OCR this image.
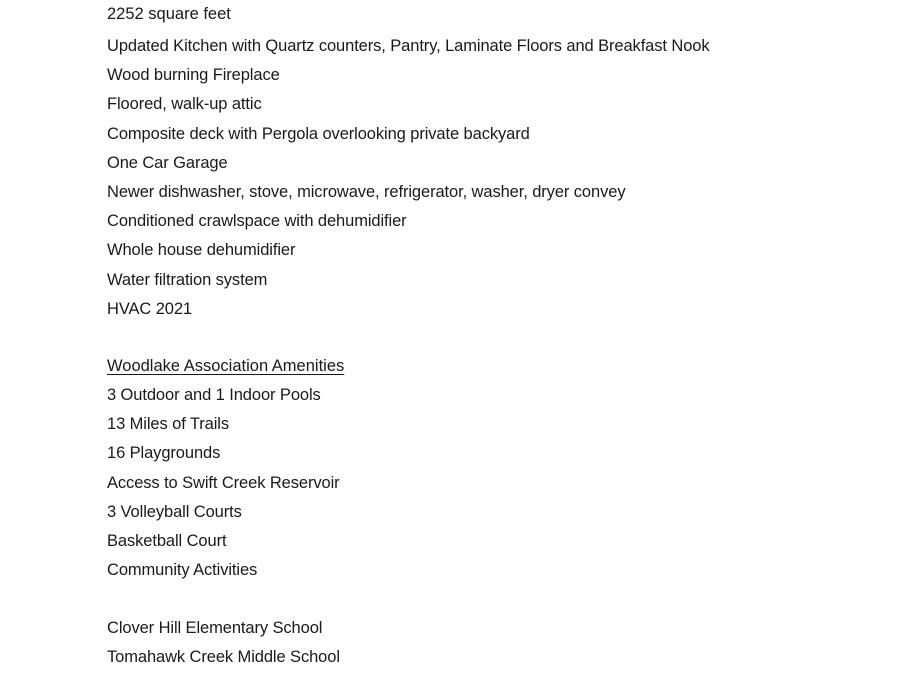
2252 square feet
Updated Kitchen with Quartz counters, Pantry, Laminate Floors and Breakfast Nook
Wood burning Fireplace
Floored, walk-up attic
Composite deck with Pergola overlooking private backyard
One Car Garage
Newer dishwasher, stove, microwave, refrigerator, washer, dryer convey
Conditioned crawlspace with dehumidifier
Whole house dehumidifier
Water filtration system
HVAC 2021
Woodlake Association Amenities
3 Outdoor and 1 Indoor Pools
13 Miles of Trails
16 Playgrounds
Access to Swift Creek Reservoir
3 Volleyball Courts
Basketball Court
Community Activities
Clover Hill Elementary School
Tomahawk Creek Middle School
